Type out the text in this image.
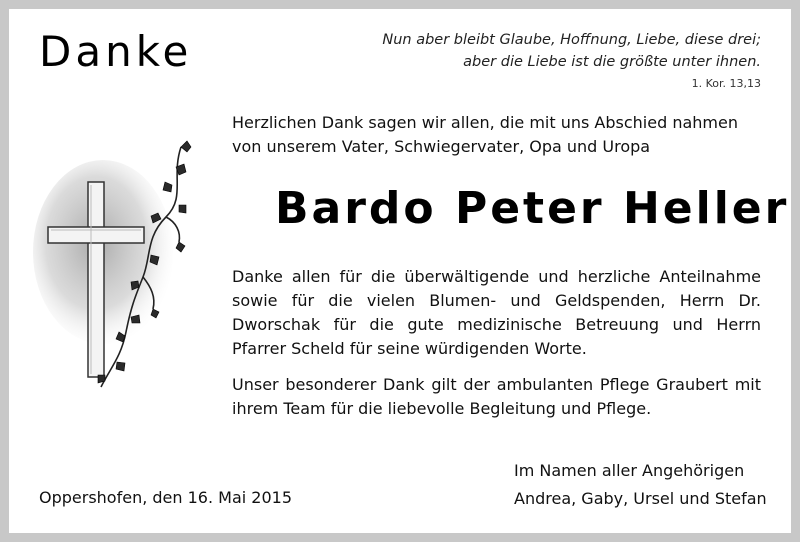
Danke	Nun aber bleibt Glaube, Hoffnung, Liebe, diese drei;
aber die Liebe ist die größte unter ihnen.
1. Kor. 13,13
Herzlichen Dank sagen wir allen, die mit uns Abschied nahmen
von unserem Vater, Schwiegervater, Opa und Uropa
Bardo Peter Heller
Danke allen für die überwältigende und herzliche Anteilnahme sowie für die vielen Blumen- und Geldspenden, Herrn Dr. Dworschak für die gute medizinische Betreuung und Herrn Pfarrer Scheld für seine würdigenden Worte.
Unser besonderer Dank gilt der ambulanten Pflege Graubert mit ihrem Team für die liebevolle Begleitung und Pflege.
Oppershofen, den 16. Mai 2015
Im Namen aller Angehörigen
Andrea, Gaby, Ursel und Stefan
